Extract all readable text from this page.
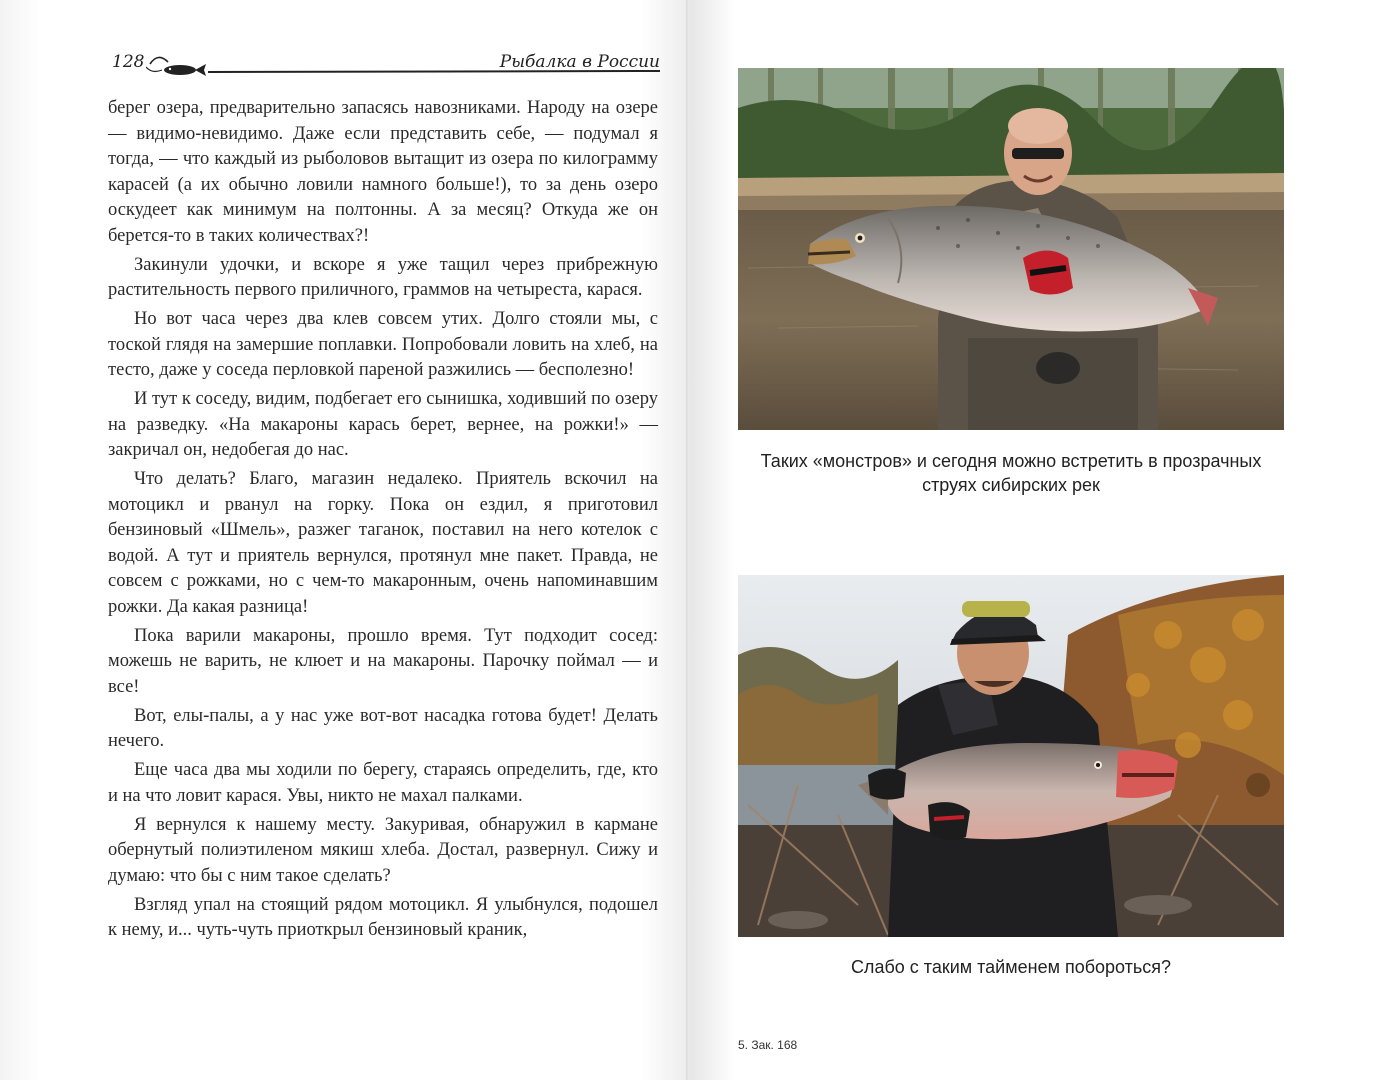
128	Рыбалка в России

берег озера, предварительно запасясь навозниками. Народу на озере — видимо-невидимо. Даже если представить себе, — подумал я тогда, — что каждый из рыболовов вытащит из озера по килограмму карасей (а их обычно ловили намного больше!), то за день озеро оскудеет как минимум на полтонны. А за месяц? Откуда же он берется-то в таких количествах?!

Закинули удочки, и вскоре я уже тащил через прибрежную растительность первого приличного, граммов на четыреста, карася.

Но вот часа через два клев совсем утих. Долго стояли мы, с тоской глядя на замершие поплавки. Попробовали ловить на хлеб, на тесто, даже у соседа перловкой пареной разжились — бесполезно!

И тут к соседу, видим, подбегает его сынишка, ходивший по озеру на разведку. «На макароны карась берет, вернее, на рожки!» — закричал он, недобегая до нас.

Что делать? Благо, магазин недалеко. Приятель вскочил на мотоцикл и рванул на горку. Пока он ездил, я приготовил бензиновый «Шмель», разжег таганок, поставил на него котелок с водой. А тут и приятель вернулся, протянул мне пакет. Правда, не совсем с рожками, но с чем-то макаронным, очень напоминавшим рожки. Да какая разница!

Пока варили макароны, прошло время. Тут подходит сосед: можешь не варить, не клюет и на макароны. Парочку поймал — и все!

Вот, елы-палы, а у нас уже вот-вот насадка готова будет! Делать нечего.

Еще часа два мы ходили по берегу, стараясь определить, где, кто и на что ловит карася. Увы, никто не махал палками.

Я вернулся к нашему месту. Закуривая, обнаружил в кармане обернутый полиэтиленом мякиш хлеба. Достал, развернул. Сижу и думаю: что бы с ним такое сделать?

Взгляд упал на стоящий рядом мотоцикл. Я улыбнулся, подошел к нему, и... чуть-чуть приоткрыл бензиновый краник,

Таких «монстров» и сегодня можно встретить в прозрачных струях сибирских рек
Слабо с таким тайменем побороться?
5. Зак. 168
